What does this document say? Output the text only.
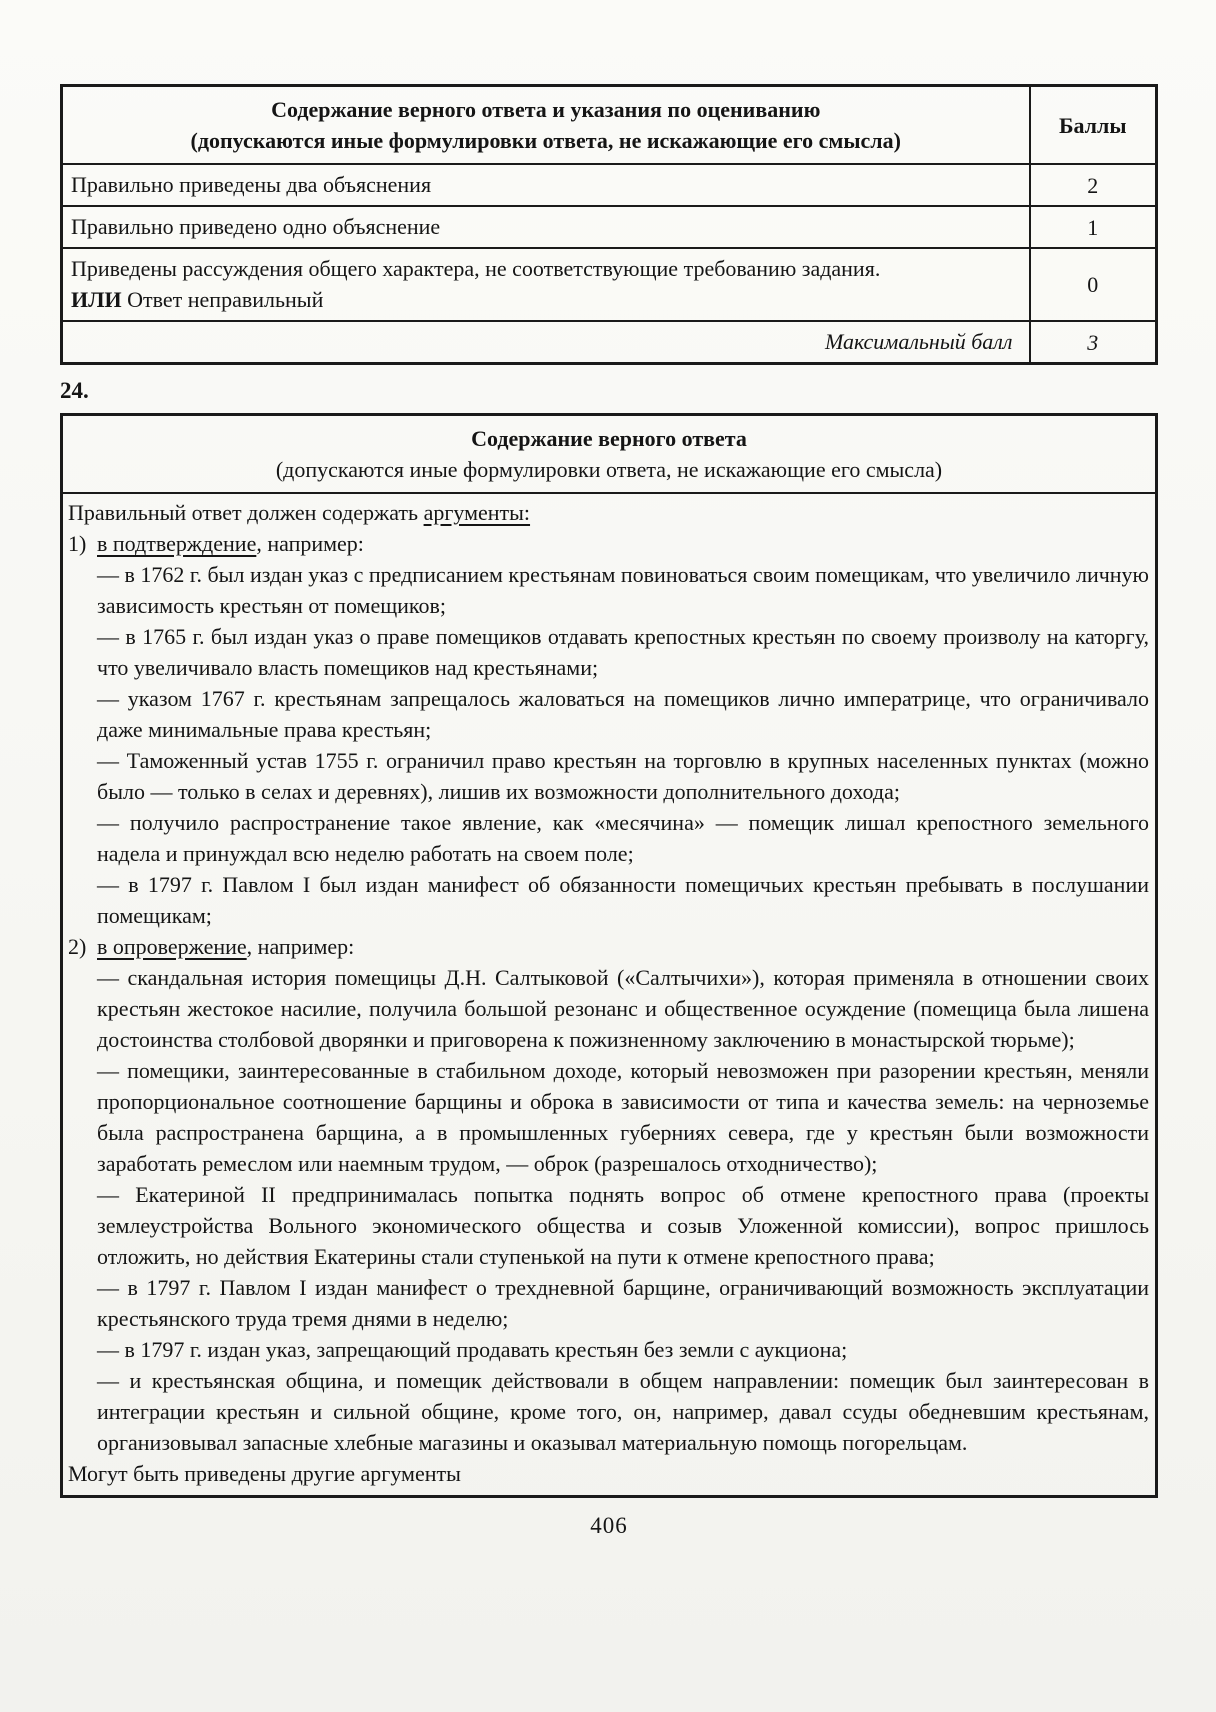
Содержание верного ответа и указания по оцениванию
(допускаются иные формулировки ответа, не искажающие его смысла)	Баллы
Правильно приведены два объяснения	2
Правильно приведено одно объяснение	1
Приведены рассуждения общего характера, не соответствующие требованию задания.
ИЛИ Ответ неправильный	0
Максимальный балл	3
24.
Содержание верного ответа
(допускаются иные формулировки ответа, не искажающие его смысла)

Правильный ответ должен содержать аргументы:

1) в подтверждение, например:

— в 1762 г. был издан указ с предписанием крестьянам повиноваться своим помещикам, что увеличило личную зависимость крестьян от помещиков;

— в 1765 г. был издан указ о праве помещиков отдавать крепостных крестьян по своему произволу на каторгу, что увеличивало власть помещиков над крестьянами;

— указом 1767 г. крестьянам запрещалось жаловаться на помещиков лично императрице, что ограничивало даже минимальные права крестьян;

— Таможенный устав 1755 г. ограничил право крестьян на торговлю в крупных населенных пунктах (можно было — только в селах и деревнях), лишив их возможности дополнительного дохода;

— получило распространение такое явление, как «месячина» — помещик лишал крепостного земельного надела и принуждал всю неделю работать на своем поле;

— в 1797 г. Павлом I был издан манифест об обязанности помещичьих крестьян пребывать в послушании помещикам;

2) в опровержение, например:

— скандальная история помещицы Д.Н. Салтыковой («Салтычихи»), которая применяла в отношении своих крестьян жестокое насилие, получила большой резонанс и общественное осуждение (помещица была лишена достоинства столбовой дворянки и приговорена к пожизненному заключению в монастырской тюрьме);

— помещики, заинтересованные в стабильном доходе, который невозможен при разорении крестьян, меняли пропорциональное соотношение барщины и оброка в зависимости от типа и качества земель: на черноземье была распространена барщина, а в промышленных губерниях севера, где у крестьян были возможности заработать ремеслом или наемным трудом, — оброк (разрешалось отходничество);

— Екатериной II предпринималась попытка поднять вопрос об отмене крепостного права (проекты землеустройства Вольного экономического общества и созыв Уложенной комиссии), вопрос пришлось отложить, но действия Екатерины стали ступенькой на пути к отмене крепостного права;

— в 1797 г. Павлом I издан манифест о трехдневной барщине, ограничивающий возможность эксплуатации крестьянского труда тремя днями в неделю;

— в 1797 г. издан указ, запрещающий продавать крестьян без земли с аукциона;

— и крестьянская община, и помещик действовали в общем направлении: помещик был заинтересован в интеграции крестьян и сильной общине, кроме того, он, например, давал ссуды обедневшим крестьянам, организовывал запасные хлебные магазины и оказывал материальную помощь погорельцам.

Могут быть приведены другие аргументы

406
